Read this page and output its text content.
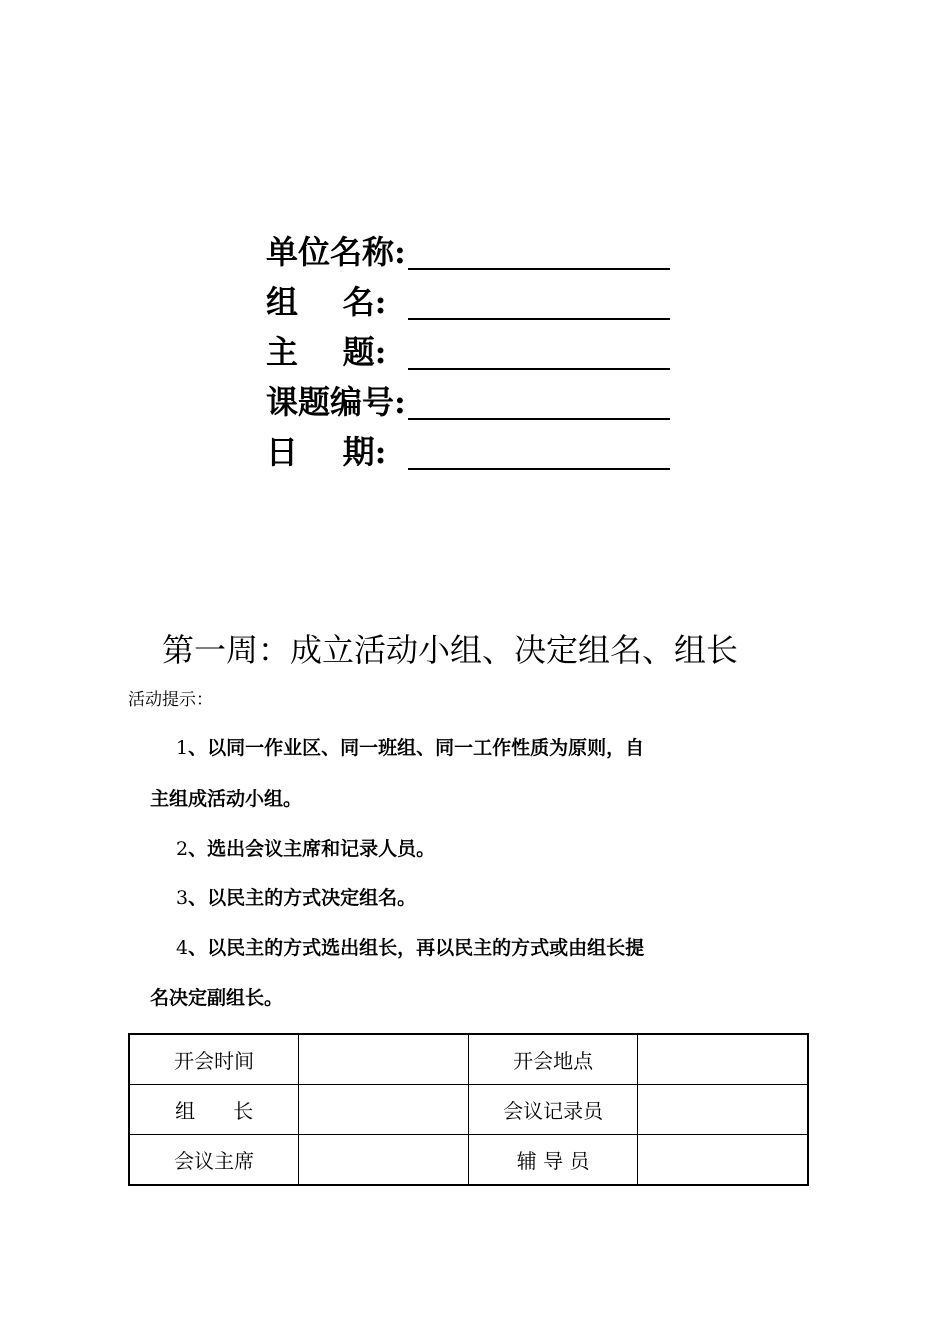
单位名称:
组    名:
主    题:
课题编号:
日    期:
第一周：成立活动小组、决定组名、组长
活动提示：
1、以同一作业区、同一班组、同一工作性质为原则，自
主组成活动小组。
2、选出会议主席和记录人员。
3、以民主的方式决定组名。
4、以民主的方式选出组长，再以民主的方式或由组长提
名决定副组长。
开会时间		开会地点	
组      长		会议记录员	
会议主席		辅 导 员	
